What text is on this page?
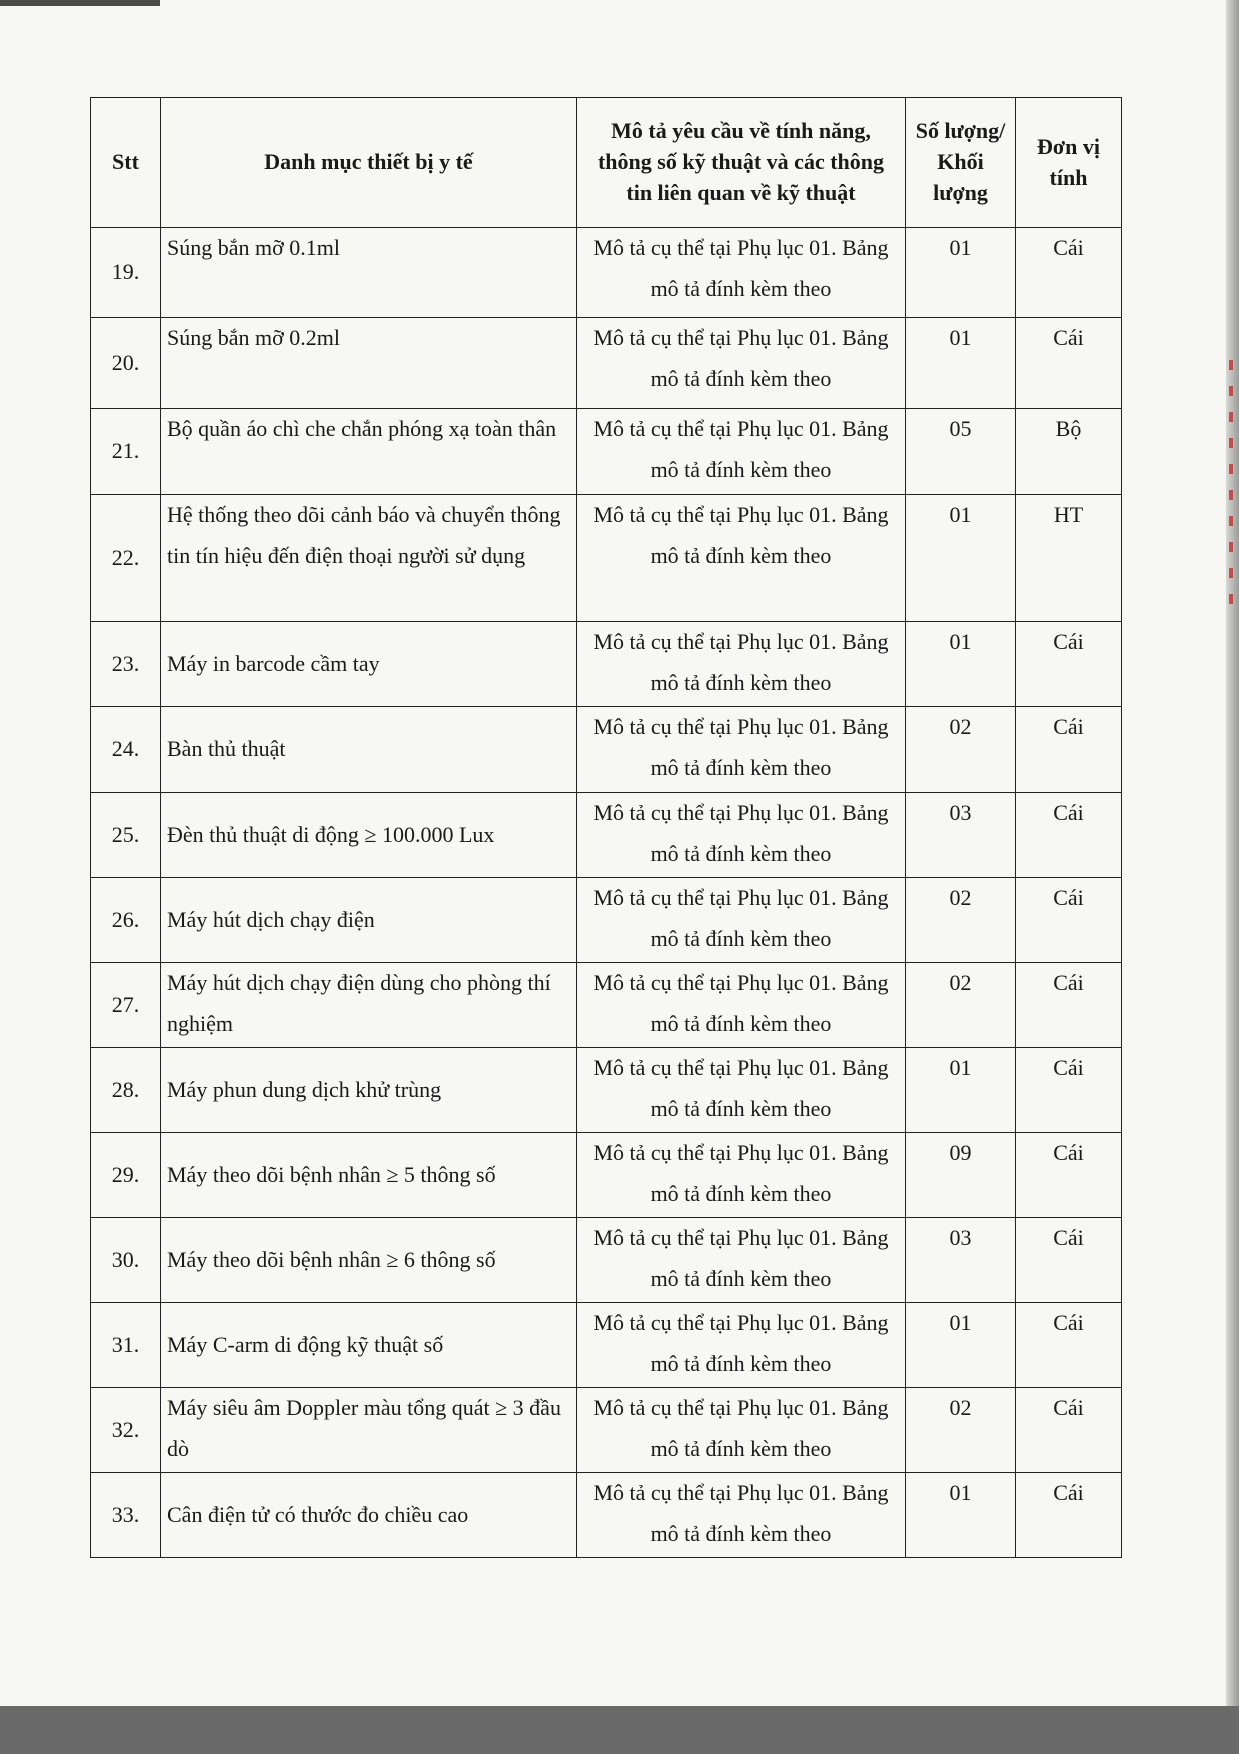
Stt	Danh mục thiết bị y tế	Mô tả yêu cầu về tính năng, thông số kỹ thuật và các thông tin liên quan về kỹ thuật	Số lượng/ Khối lượng	Đơn vị tính
19.	Súng bắn mỡ 0.1ml	Mô tả cụ thể tại Phụ lục 01. Bảng mô tả đính kèm theo	01	Cái
20.	Súng bắn mỡ 0.2ml	Mô tả cụ thể tại Phụ lục 01. Bảng mô tả đính kèm theo	01	Cái
21.	Bộ quần áo chì che chắn phóng xạ toàn thân	Mô tả cụ thể tại Phụ lục 01. Bảng mô tả đính kèm theo	05	Bộ
22.	Hệ thống theo dõi cảnh báo và chuyển thông tin tín hiệu đến điện thoại người sử dụng	Mô tả cụ thể tại Phụ lục 01. Bảng mô tả đính kèm theo	01	HT
23.	Máy in barcode cầm tay	Mô tả cụ thể tại Phụ lục 01. Bảng mô tả đính kèm theo	01	Cái
24.	Bàn thủ thuật	Mô tả cụ thể tại Phụ lục 01. Bảng mô tả đính kèm theo	02	Cái
25.	Đèn thủ thuật di động ≥ 100.000 Lux	Mô tả cụ thể tại Phụ lục 01. Bảng mô tả đính kèm theo	03	Cái
26.	Máy hút dịch chạy điện	Mô tả cụ thể tại Phụ lục 01. Bảng mô tả đính kèm theo	02	Cái
27.	Máy hút dịch chạy điện dùng cho phòng thí nghiệm	Mô tả cụ thể tại Phụ lục 01. Bảng mô tả đính kèm theo	02	Cái
28.	Máy phun dung dịch khử trùng	Mô tả cụ thể tại Phụ lục 01. Bảng mô tả đính kèm theo	01	Cái
29.	Máy theo dõi bệnh nhân ≥ 5 thông số	Mô tả cụ thể tại Phụ lục 01. Bảng mô tả đính kèm theo	09	Cái
30.	Máy theo dõi bệnh nhân ≥ 6 thông số	Mô tả cụ thể tại Phụ lục 01. Bảng mô tả đính kèm theo	03	Cái
31.	Máy C-arm di động kỹ thuật số	Mô tả cụ thể tại Phụ lục 01. Bảng mô tả đính kèm theo	01	Cái
32.	Máy siêu âm Doppler màu tổng quát ≥ 3 đầu dò	Mô tả cụ thể tại Phụ lục 01. Bảng mô tả đính kèm theo	02	Cái
33.	Cân điện tử có thước đo chiều cao	Mô tả cụ thể tại Phụ lục 01. Bảng mô tả đính kèm theo	01	Cái
